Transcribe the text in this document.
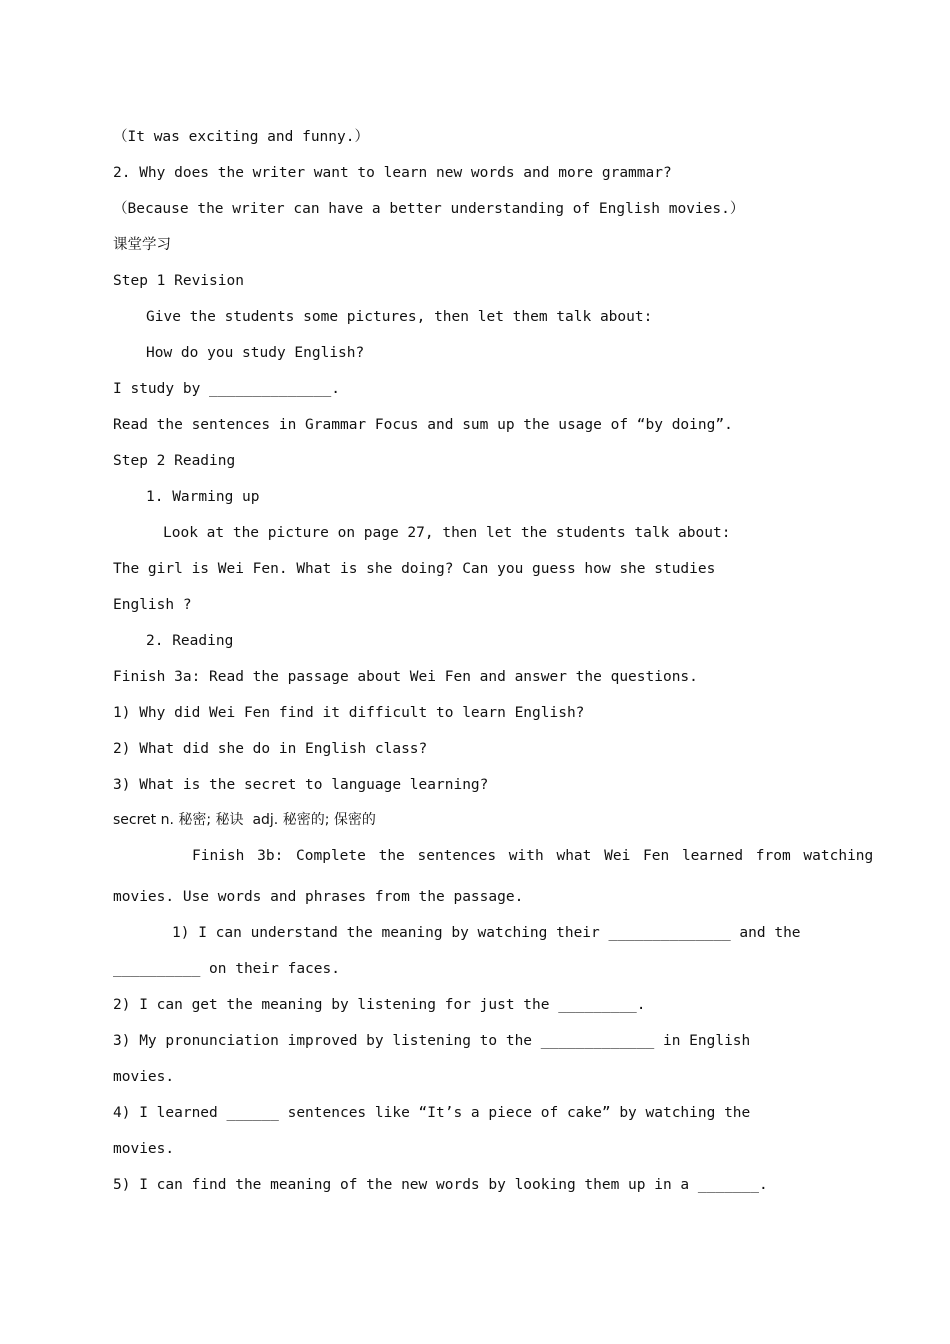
（It was exciting and funny.）
2. Why does the writer want to learn new words and more grammar?
（Because the writer can have a better understanding of English movies.）
课堂学习
Step 1 Revision
Give the students some pictures, then let them talk about:
How do you study English?
I study by ______________.
Read the sentences in Grammar Focus and sum up the usage of “by doing”.
Step 2 Reading
1. Warming up
Look at the picture on page 27, then let the students talk about:
The girl is Wei Fen. What is she doing? Can you guess how she studies
English ?
2. Reading
Finish 3a: Read the passage about Wei Fen and answer the questions.
1) Why did Wei Fen find it difficult to learn English?
2) What did she do in English class?
3) What is the secret to language learning?
secret n. 秘密; 秘诀  adj. 秘密的; 保密的
Finish 3b: Complete the sentences with what Wei Fen learned from watching
movies. Use words and phrases from the passage.
1) I can understand the meaning by watching their ______________ and the
__________ on their faces.
2) I can get the meaning by listening for just the _________.
3) My pronunciation improved by listening to the _____________ in English
movies.
4) I learned ______ sentences like “It’s a piece of cake” by watching the
movies.
5) I can find the meaning of the new words by looking them up in a _______.
